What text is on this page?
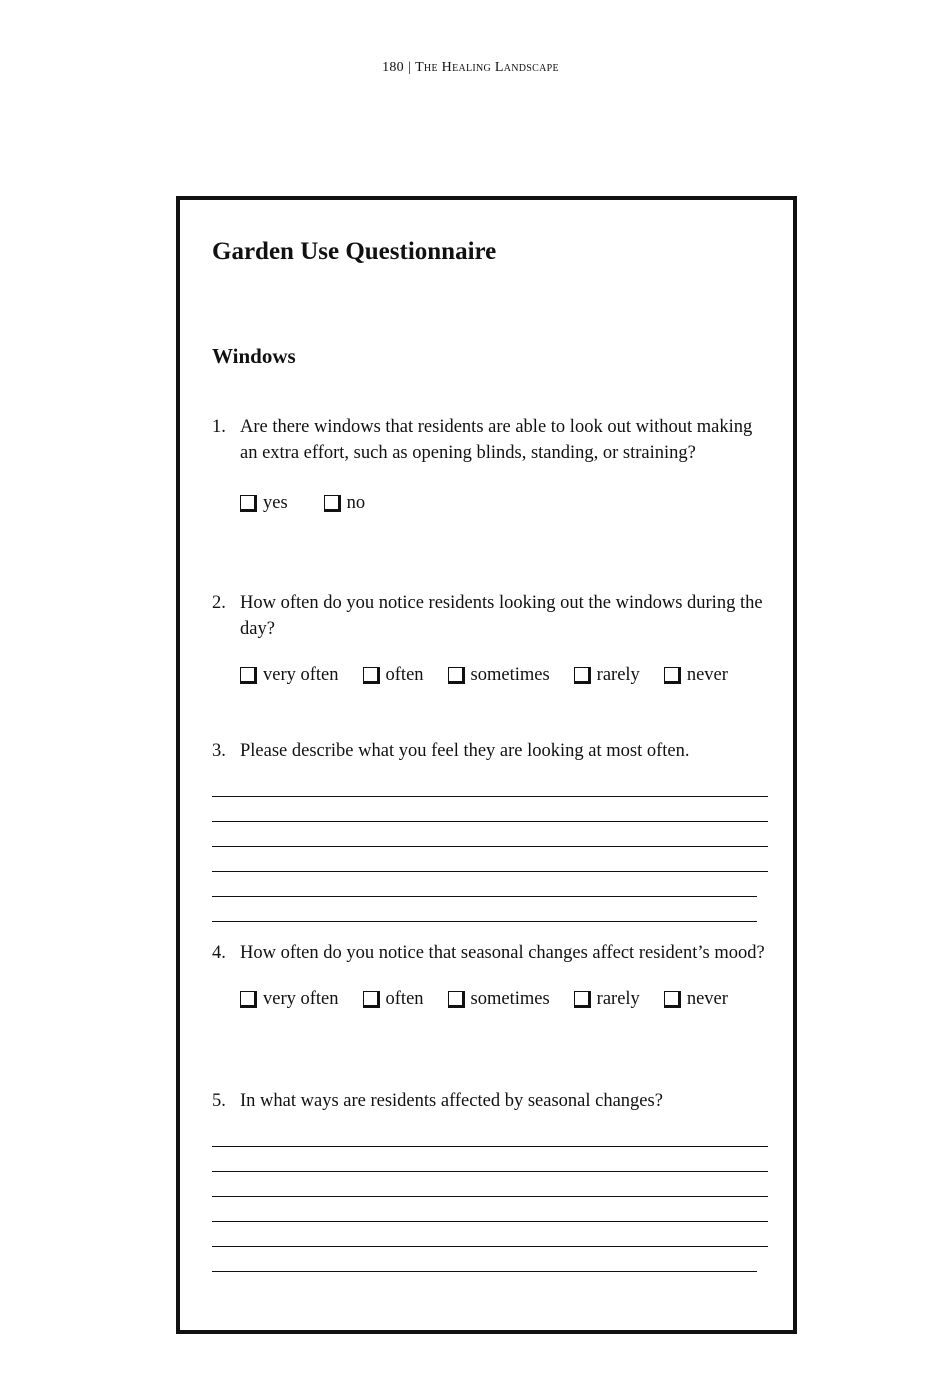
180 | The Healing Landscape
Garden Use Questionnaire
Windows
1. Are there windows that residents are able to look out without making an extra effort, such as opening blinds, standing, or straining?
yes	no
2. How often do you notice residents looking out the windows during the day?
very often	often	sometimes	rarely	never
3. Please describe what you feel they are looking at most often.
4. How often do you notice that seasonal changes affect resident’s mood?
very often	often	sometimes	rarely	never
5. In what ways are residents affected by seasonal changes?
